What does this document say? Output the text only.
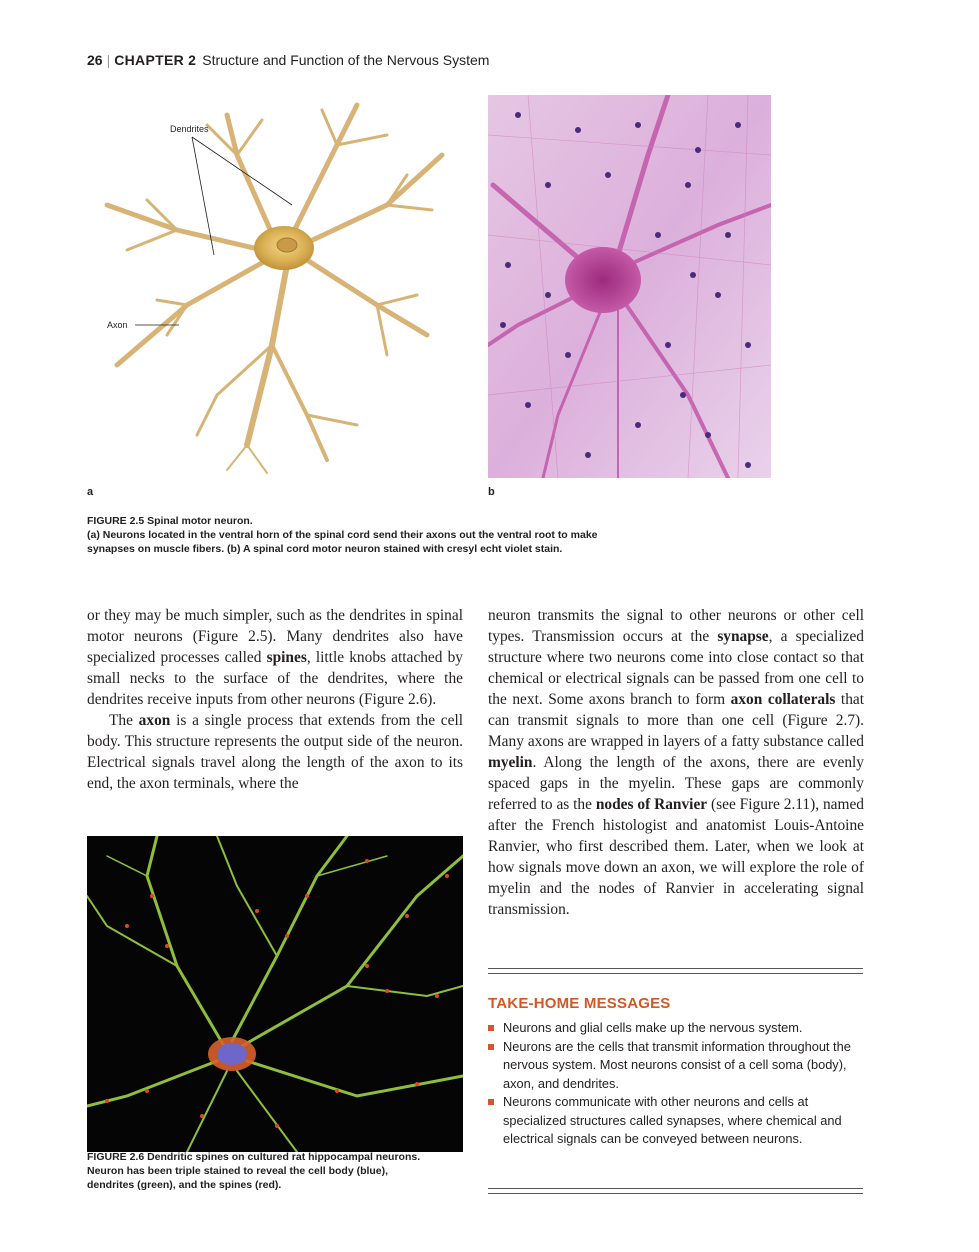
26 | CHAPTER 2 Structure and Function of the Nervous System
Dendrites
Axon
a	b
FIGURE 2.5 Spinal motor neuron.
(a) Neurons located in the ventral horn of the spinal cord send their axons out the ventral root to make
synapses on muscle fibers. (b) A spinal cord motor neuron stained with cresyl echt violet stain.

or they may be much simpler, such as the dendrites in spinal motor neurons (Figure 2.5). Many dendrites also have specialized processes called spines, little knobs attached by small necks to the surface of the dendrites, where the dendrites receive inputs from other neurons (Figure 2.6).

The axon is a single process that extends from the cell body. This structure represents the output side of the neuron. Electrical signals travel along the length of the axon to its end, the axon terminals, where the

FIGURE 2.6 Dendritic spines on cultured rat hippocampal neurons.
Neuron has been triple stained to reveal the cell body (blue),
dendrites (green), and the spines (red).

neuron transmits the signal to other neurons or other cell types. Transmission occurs at the synapse, a specialized structure where two neurons come into close contact so that chemical or electrical signals can be passed from one cell to the next. Some axons branch to form axon collaterals that can transmit signals to more than one cell (Figure 2.7). Many axons are wrapped in layers of a fatty substance called myelin. Along the length of the axons, there are evenly spaced gaps in the myelin. These gaps are commonly referred to as the nodes of Ranvier (see Figure 2.11), named after the French histologist and anatomist Louis-Antoine Ranvier, who first described them. Later, when we look at how signals move down an axon, we will explore the role of myelin and the nodes of Ranvier in accelerating signal transmission.

TAKE-HOME MESSAGES
Neurons and glial cells make up the nervous system.
Neurons are the cells that transmit information throughout the nervous system. Most neurons consist of a cell soma (body), axon, and dendrites.
Neurons communicate with other neurons and cells at specialized structures called synapses, where chemical and electrical signals can be conveyed between neurons.
